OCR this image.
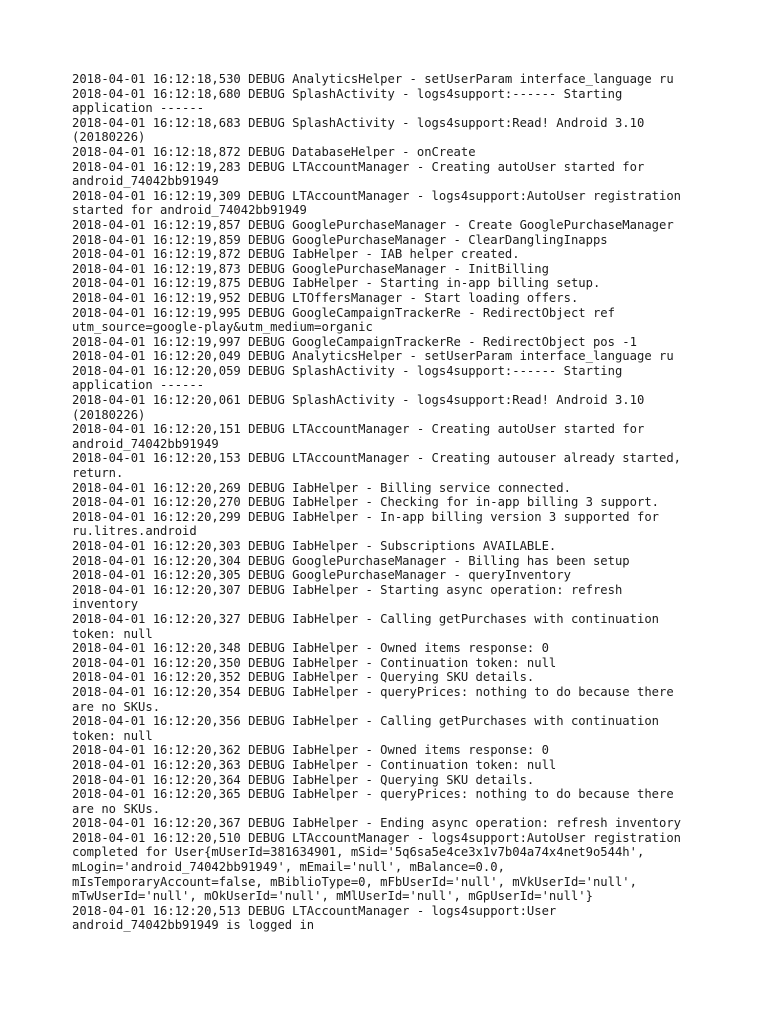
2018-04-01 16:12:18,530 DEBUG AnalyticsHelper - setUserParam interface_language ru

2018-04-01 16:12:18,680 DEBUG SplashActivity - logs4support:------ Starting

application ------

2018-04-01 16:12:18,683 DEBUG SplashActivity - logs4support:Read! Android 3.10

(20180226)

2018-04-01 16:12:18,872 DEBUG DatabaseHelper - onCreate

2018-04-01 16:12:19,283 DEBUG LTAccountManager - Creating autoUser started for

android_74042bb91949

2018-04-01 16:12:19,309 DEBUG LTAccountManager - logs4support:AutoUser registration

started for android_74042bb91949

2018-04-01 16:12:19,857 DEBUG GooglePurchaseManager - Create GooglePurchaseManager

2018-04-01 16:12:19,859 DEBUG GooglePurchaseManager - ClearDanglingInapps

2018-04-01 16:12:19,872 DEBUG IabHelper - IAB helper created.

2018-04-01 16:12:19,873 DEBUG GooglePurchaseManager - InitBilling

2018-04-01 16:12:19,875 DEBUG IabHelper - Starting in-app billing setup.

2018-04-01 16:12:19,952 DEBUG LTOffersManager - Start loading offers.

2018-04-01 16:12:19,995 DEBUG GoogleCampaignTrackerRe - RedirectObject ref

utm_source=google-play&utm_medium=organic

2018-04-01 16:12:19,997 DEBUG GoogleCampaignTrackerRe - RedirectObject pos -1

2018-04-01 16:12:20,049 DEBUG AnalyticsHelper - setUserParam interface_language ru

2018-04-01 16:12:20,059 DEBUG SplashActivity - logs4support:------ Starting

application ------

2018-04-01 16:12:20,061 DEBUG SplashActivity - logs4support:Read! Android 3.10

(20180226)

2018-04-01 16:12:20,151 DEBUG LTAccountManager - Creating autoUser started for

android_74042bb91949

2018-04-01 16:12:20,153 DEBUG LTAccountManager - Creating autouser already started,

return.

2018-04-01 16:12:20,269 DEBUG IabHelper - Billing service connected.

2018-04-01 16:12:20,270 DEBUG IabHelper - Checking for in-app billing 3 support.

2018-04-01 16:12:20,299 DEBUG IabHelper - In-app billing version 3 supported for

ru.litres.android

2018-04-01 16:12:20,303 DEBUG IabHelper - Subscriptions AVAILABLE.

2018-04-01 16:12:20,304 DEBUG GooglePurchaseManager - Billing has been setup

2018-04-01 16:12:20,305 DEBUG GooglePurchaseManager - queryInventory

2018-04-01 16:12:20,307 DEBUG IabHelper - Starting async operation: refresh

inventory

2018-04-01 16:12:20,327 DEBUG IabHelper - Calling getPurchases with continuation

token: null

2018-04-01 16:12:20,348 DEBUG IabHelper - Owned items response: 0

2018-04-01 16:12:20,350 DEBUG IabHelper - Continuation token: null

2018-04-01 16:12:20,352 DEBUG IabHelper - Querying SKU details.

2018-04-01 16:12:20,354 DEBUG IabHelper - queryPrices: nothing to do because there

are no SKUs.

2018-04-01 16:12:20,356 DEBUG IabHelper - Calling getPurchases with continuation

token: null

2018-04-01 16:12:20,362 DEBUG IabHelper - Owned items response: 0

2018-04-01 16:12:20,363 DEBUG IabHelper - Continuation token: null

2018-04-01 16:12:20,364 DEBUG IabHelper - Querying SKU details.

2018-04-01 16:12:20,365 DEBUG IabHelper - queryPrices: nothing to do because there

are no SKUs.

2018-04-01 16:12:20,367 DEBUG IabHelper - Ending async operation: refresh inventory

2018-04-01 16:12:20,510 DEBUG LTAccountManager - logs4support:AutoUser registration

completed for User{mUserId=381634901, mSid='5q6sa5e4ce3x1v7b04a74x4net9o544h',

mLogin='android_74042bb91949', mEmail='null', mBalance=0.0,

mIsTemporaryAccount=false, mBiblioType=0, mFbUserId='null', mVkUserId='null',

mTwUserId='null', mOkUserId='null', mMlUserId='null', mGpUserId='null'}

2018-04-01 16:12:20,513 DEBUG LTAccountManager - logs4support:User

android_74042bb91949 is logged in
